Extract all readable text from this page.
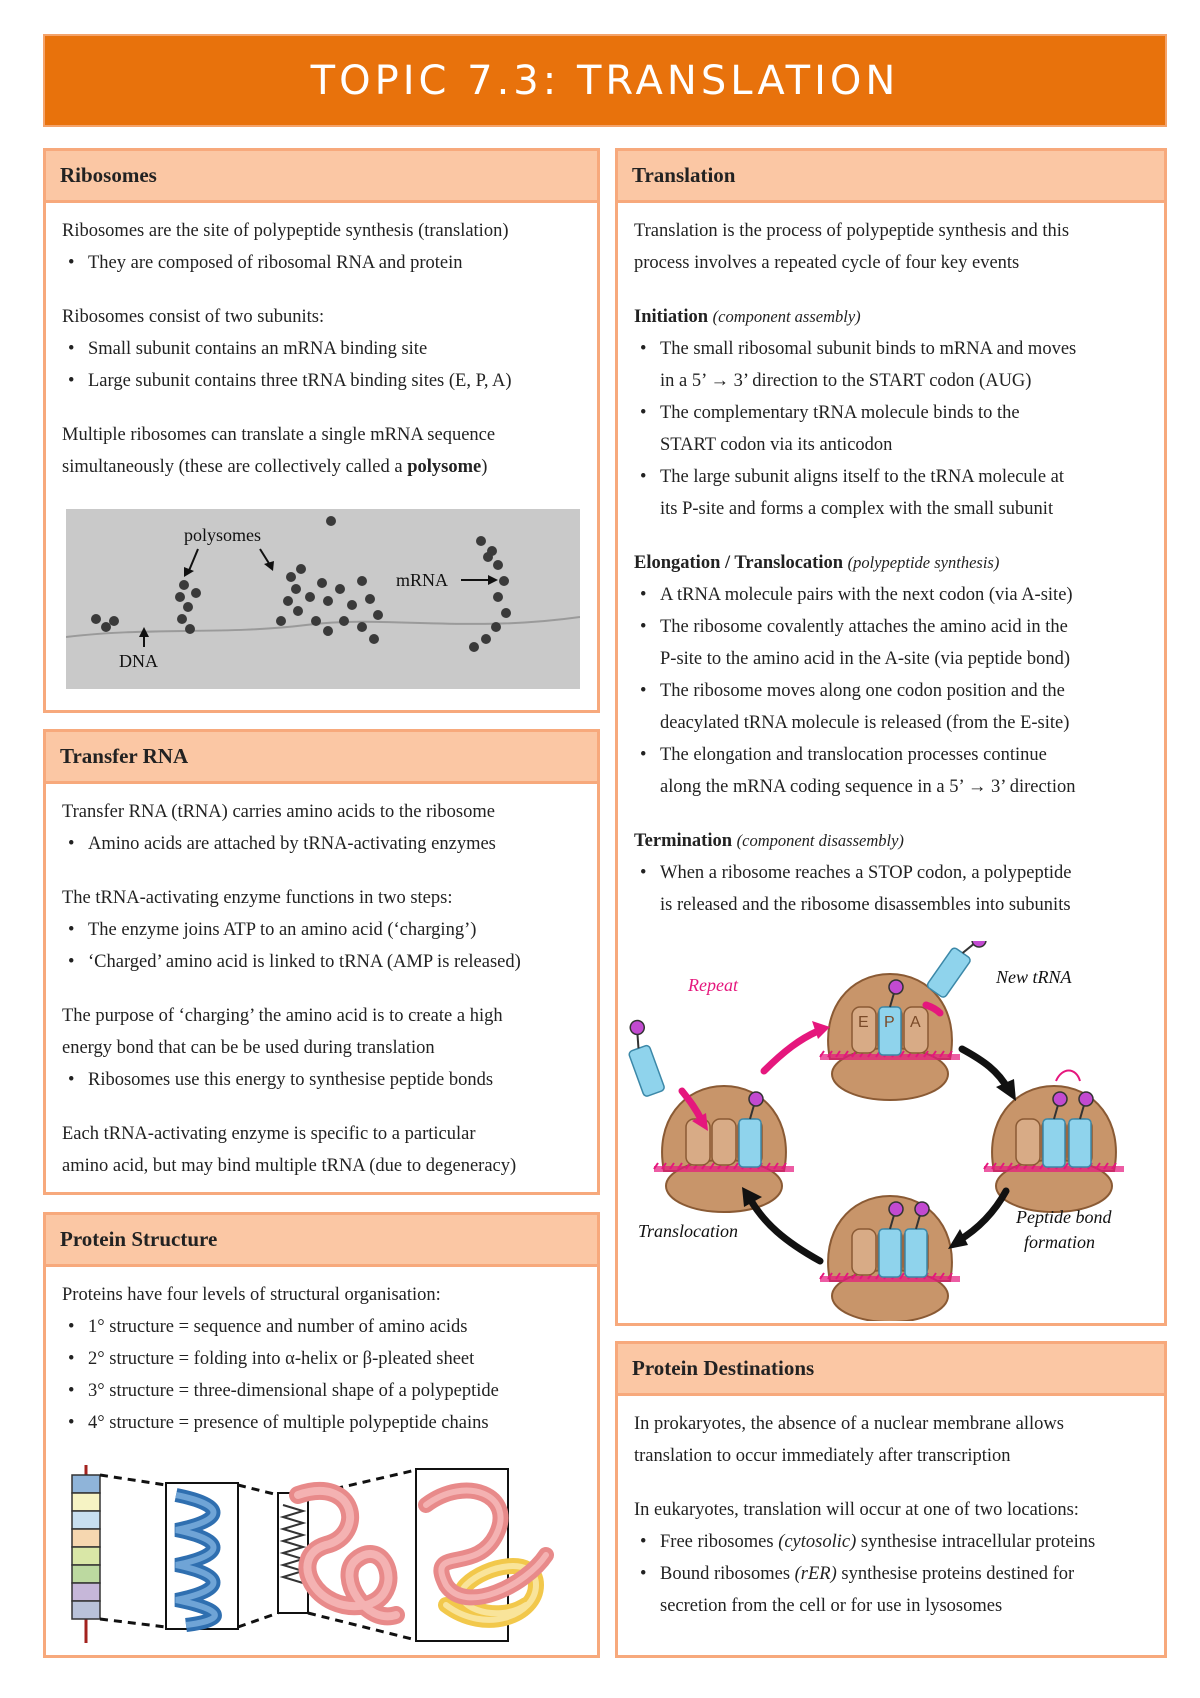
TOPIC 7.3: TRANSLATION
Ribosomes

Ribosomes are the site of polypeptide synthesis (translation)

• They are composed of ribosomal RNA and protein

Ribosomes consist of two subunits:

• Small subunit contains an mRNA binding site
• Large subunit contains three tRNA binding sites (E, P, A)

Multiple ribosomes can translate a single mRNA sequence

simultaneously (these are collectively called a polysome)

polysomes
mRNA
DNA
Transfer RNA

Transfer RNA (tRNA) carries amino acids to the ribosome

• Amino acids are attached by tRNA-activating enzymes

The tRNA-activating enzyme functions in two steps:

• The enzyme joins ATP to an amino acid (‘charging’)
• ‘Charged’ amino acid is linked to tRNA (AMP is released)

The purpose of ‘charging’ the amino acid is to create a high

energy bond that can be be used during translation

• Ribosomes use this energy to synthesise peptide bonds

Each tRNA-activating enzyme is specific to a particular

amino acid, but may bind multiple tRNA (due to degeneracy)

Protein Structure

Proteins have four levels of structural organisation:

• 1° structure = sequence and number of amino acids
• 2° structure = folding into α-helix or β-pleated sheet
• 3° structure = three-dimensional shape of a polypeptide
• 4° structure = presence of multiple polypeptide chains
Translation

Translation is the process of polypeptide synthesis and this

process involves a repeated cycle of four key events

Initiation (component assembly)

• The small ribosomal subunit binds to mRNA and moves
in a 5’ → 3’ direction to the START codon (AUG)
• The complementary tRNA molecule binds to the
START codon via its anticodon
• The large subunit aligns itself to the tRNA molecule at
its P-site and forms a complex with the small subunit

Elongation / Translocation (polypeptide synthesis)

• A tRNA molecule pairs with the next codon (via A-site)
• The ribosome covalently attaches the amino acid in the
P-site to the amino acid in the A-site (via peptide bond)
• The ribosome moves along one codon position and the
deacylated tRNA molecule is released (from the E-site)
• The elongation and translocation processes continue
along the mRNA coding sequence in a 5’ → 3’ direction

Termination (component disassembly)

• When a ribosome reaches a STOP codon, a polypeptide
is released and the ribosome disassembles into subunits
E P A
Repeat	New tRNA
Translocation
Peptide bond
formation
Protein Destinations

In prokaryotes, the absence of a nuclear membrane allows

translation to occur immediately after transcription

In eukaryotes, translation will occur at one of two locations:

• Free ribosomes (cytosolic) synthesise intracellular proteins
• Bound ribosomes (rER) synthesise proteins destined for
secretion from the cell or for use in lysosomes
